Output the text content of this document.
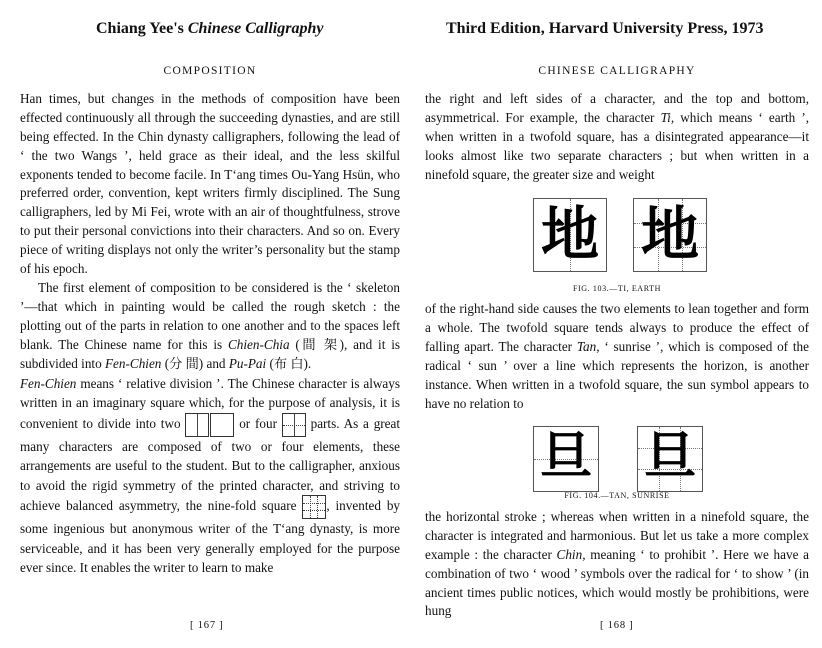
Chiang Yee's Chinese Calligraphy	Third Edition, Harvard University Press, 1973
COMPOSITION

Han times, but changes in the methods of composition have been effected continuously all through the succeeding dynasties, and are still being effected. In the Chin dynasty calligraphers, following the lead of ‘ the two Wangs ’, held grace as their ideal, and the less skilful exponents tended to become facile. In T‘ang times Ou-Yang Hsün, who preferred order, convention, kept writers firmly disciplined. The Sung calligraphers, led by Mi Fei, wrote with an air of thoughtfulness, strove to put their personal convictions into their characters. And so on. Every piece of writing displays not only the writer’s personality but the stamp of his epoch.

The first element of composition to be considered is the ‘ skeleton ’—that which in painting would be called the rough sketch : the plotting out of the parts in relation to one another and to the spaces left blank. The Chinese name for this is Chien-Chia (間 架), and it is subdivided into Fen-Chien (分 間) and Pu-Pai (布 白).

Fen-Chien means ‘ relative division ’. The Chinese character is always written in an imaginary square which, for the purpose of analysis, it is convenient to divide into two	or four	parts. As a great many characters are composed of two or four elements, these arrangements are useful to the student. But to the calligrapher, anxious to avoid the rigid symmetry of the printed character, and striving to achieve balanced asymmetry, the nine-fold square , invented by some ingenious but anonymous writer of the T‘ang dynasty, is more serviceable, and it has been very generally employed for the purpose ever since. It enables the writer to learn to make

[ 167 ]
CHINESE CALLIGRAPHY

the right and left sides of a character, and the top and bottom, asymmetrical. For example, the character Ti, which means ‘ earth ’, when written in a twofold square, has a disintegrated appearance—it looks almost like two separate characters ; but when written in a ninefold square, the greater size and weight

地 地
FIG. 103.—TI, EARTH

of the right-hand side causes the two elements to lean together and form a whole. The twofold square tends always to produce the effect of falling apart. The character Tan, ‘ sunrise ’, which is composed of the radical ‘ sun ’ over a line which represents the horizon, is another instance. When written in a twofold square, the sun symbol appears to have no relation to

旦 旦
FIG. 104.—TAN, SUNRISE

the horizontal stroke ; whereas when written in a ninefold square, the character is integrated and harmonious. But let us take a more complex example : the character Chin, meaning ‘ to prohibit ’. Here we have a combination of two ‘ wood ’ symbols over the radical for ‘ to show ’ (in ancient times public notices, which would mostly be prohibitions, were hung

[ 168 ]
